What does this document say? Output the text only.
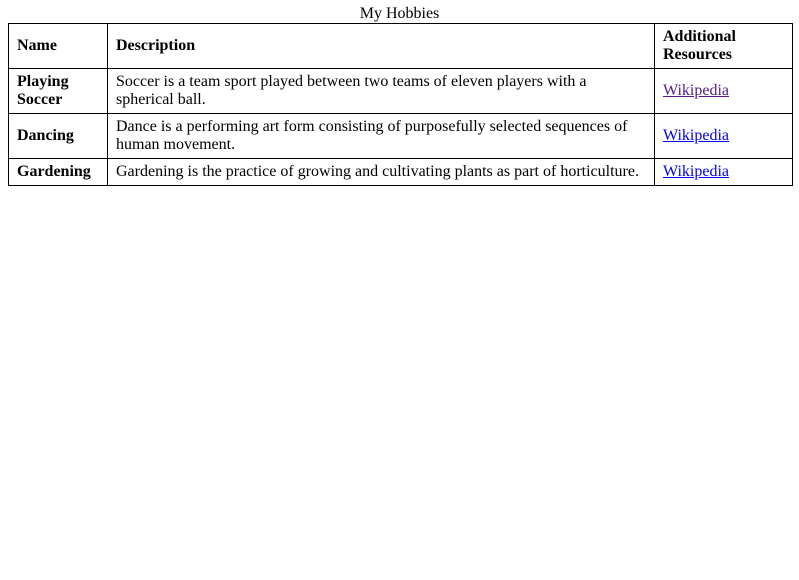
My Hobbies
Name	Description	Additional Resources
Playing Soccer	Soccer is a team sport played between two teams of eleven players with a spherical ball.	Wikipedia
Dancing	Dance is a performing art form consisting of purposefully selected sequences of human movement.	Wikipedia
Gardening	Gardening is the practice of growing and cultivating plants as part of horticulture.	Wikipedia
